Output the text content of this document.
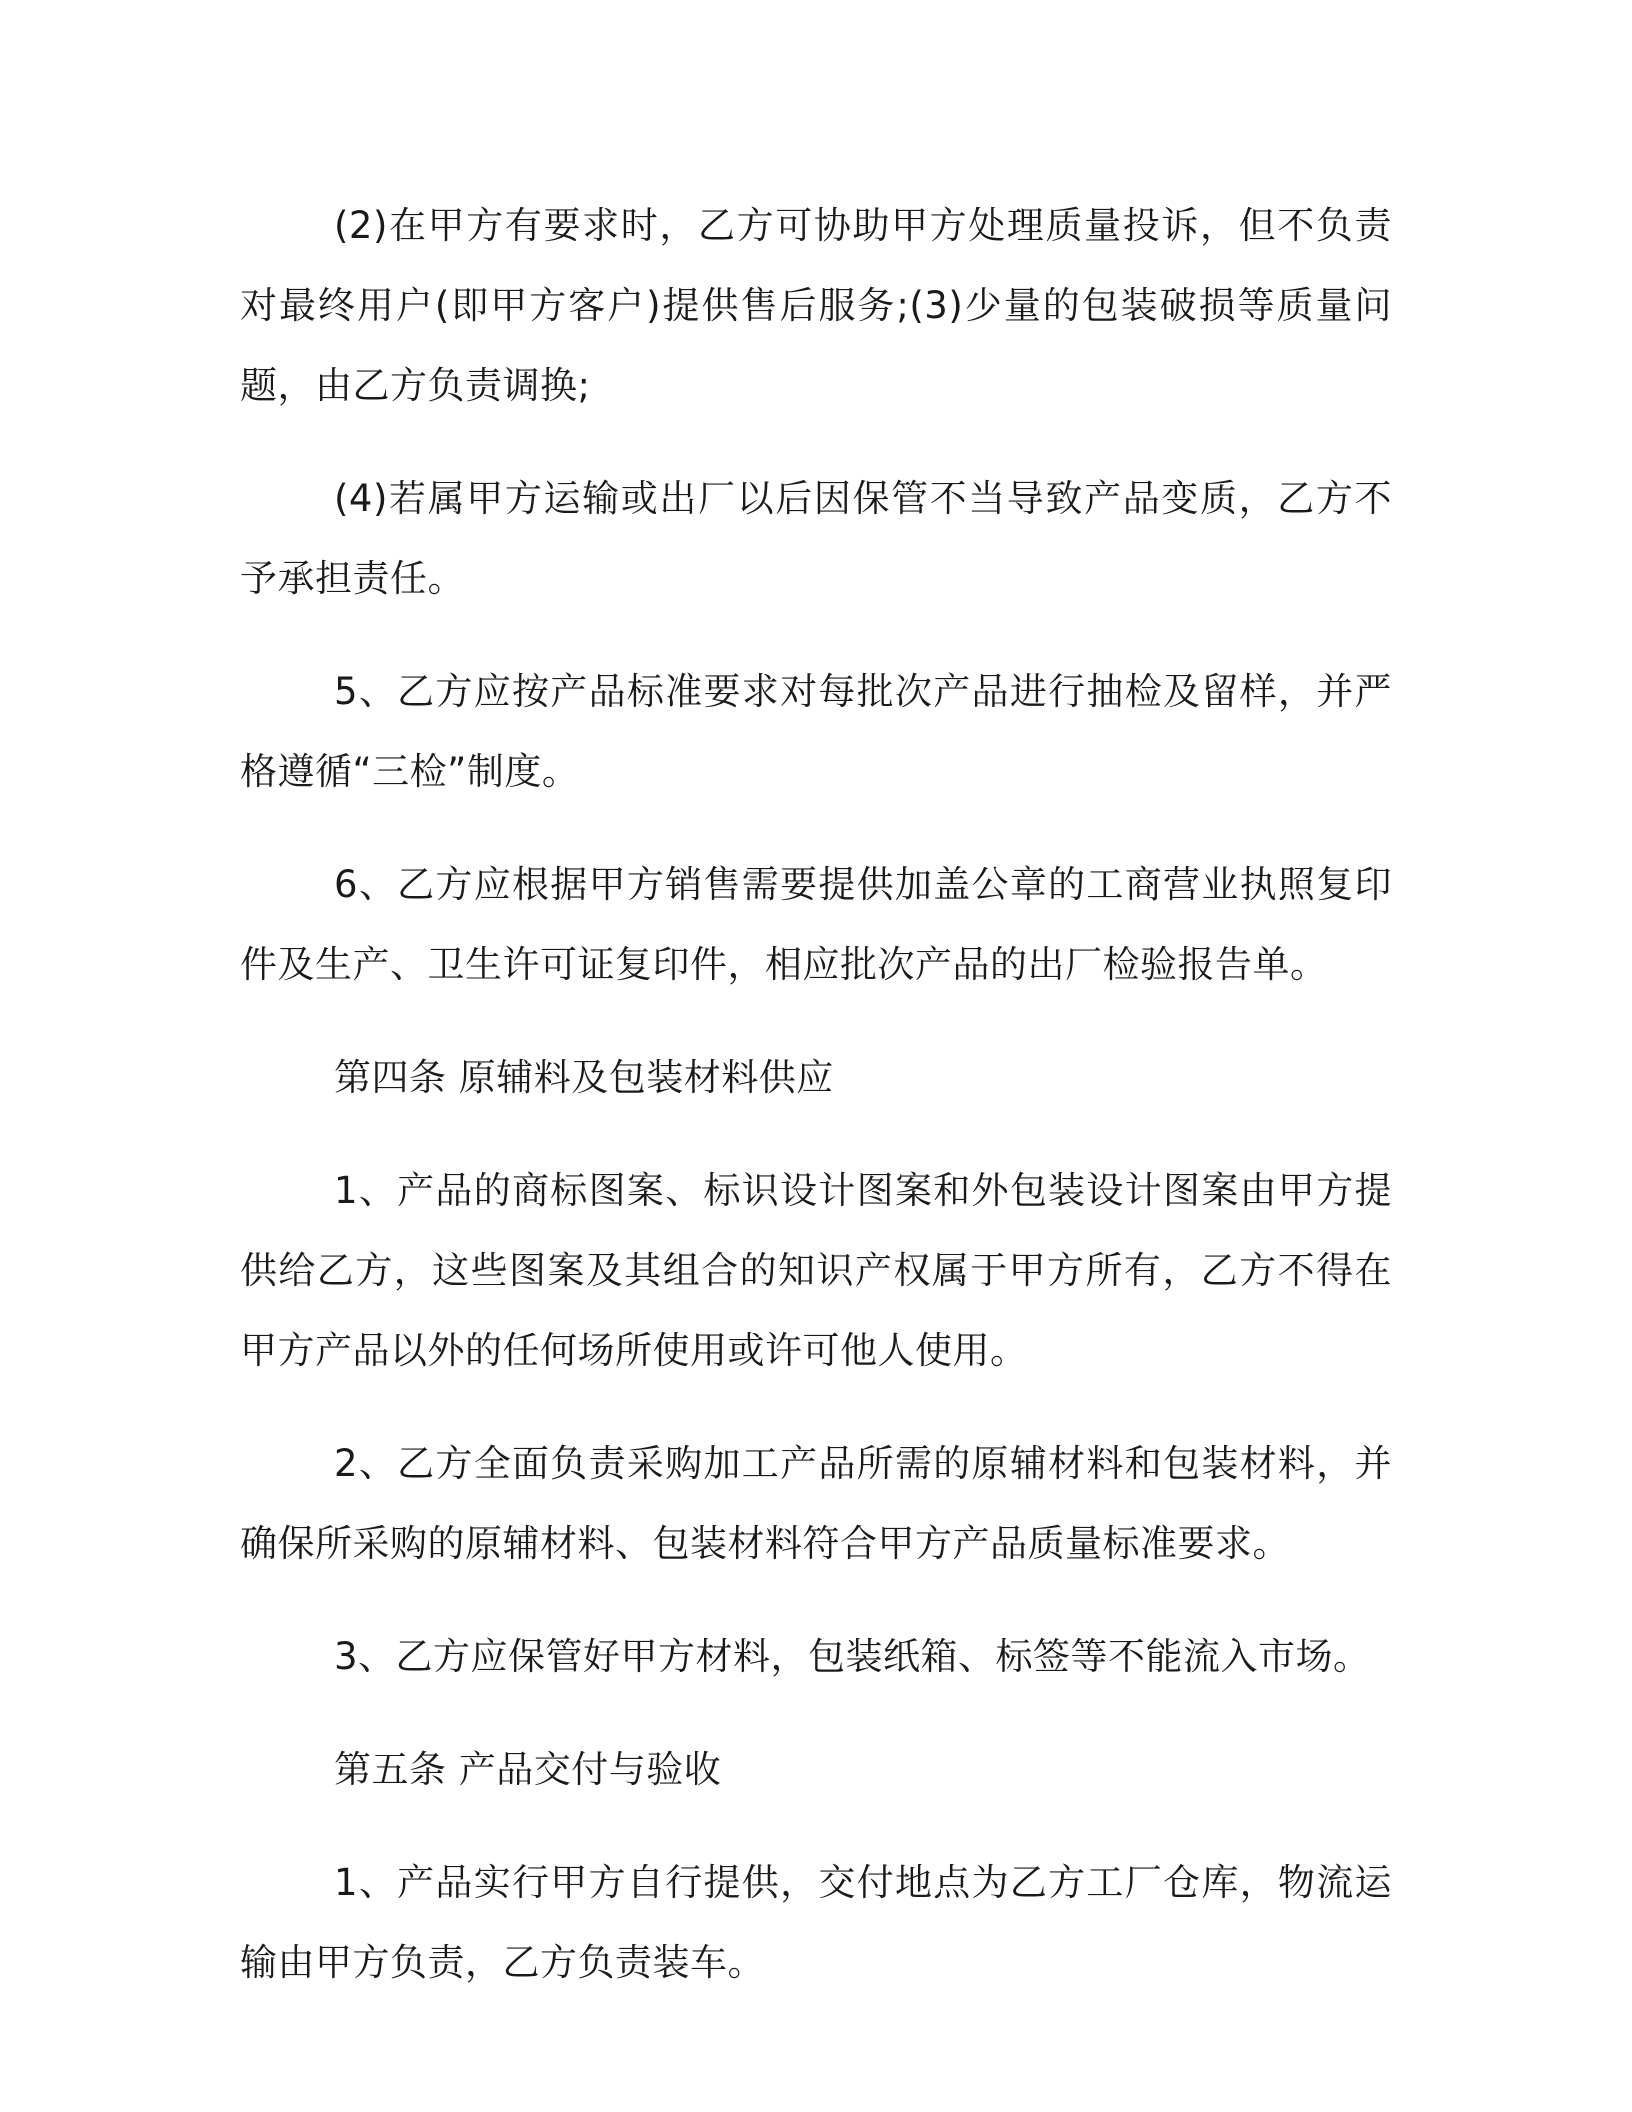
(2)在甲方有要求时，乙方可协助甲方处理质量投诉，但不负责对最终用户(即甲方客户)提供售后服务;(3)少量的包装破损等质量问题，由乙方负责调换;

(4)若属甲方运输或出厂以后因保管不当导致产品变质，乙方不予承担责任。

5、乙方应按产品标准要求对每批次产品进行抽检及留样，并严格遵循“三检”制度。

6、乙方应根据甲方销售需要提供加盖公章的工商营业执照复印件及生产、卫生许可证复印件，相应批次产品的出厂检验报告单。

第四条 原辅料及包装材料供应

1、产品的商标图案、标识设计图案和外包装设计图案由甲方提供给乙方，这些图案及其组合的知识产权属于甲方所有，乙方不得在甲方产品以外的任何场所使用或许可他人使用。

2、乙方全面负责采购加工产品所需的原辅材料和包装材料，并确保所采购的原辅材料、包装材料符合甲方产品质量标准要求。

3、乙方应保管好甲方材料，包装纸箱、标签等不能流入市场。

第五条 产品交付与验收

1、产品实行甲方自行提供，交付地点为乙方工厂仓库，物流运输由甲方负责，乙方负责装车。
